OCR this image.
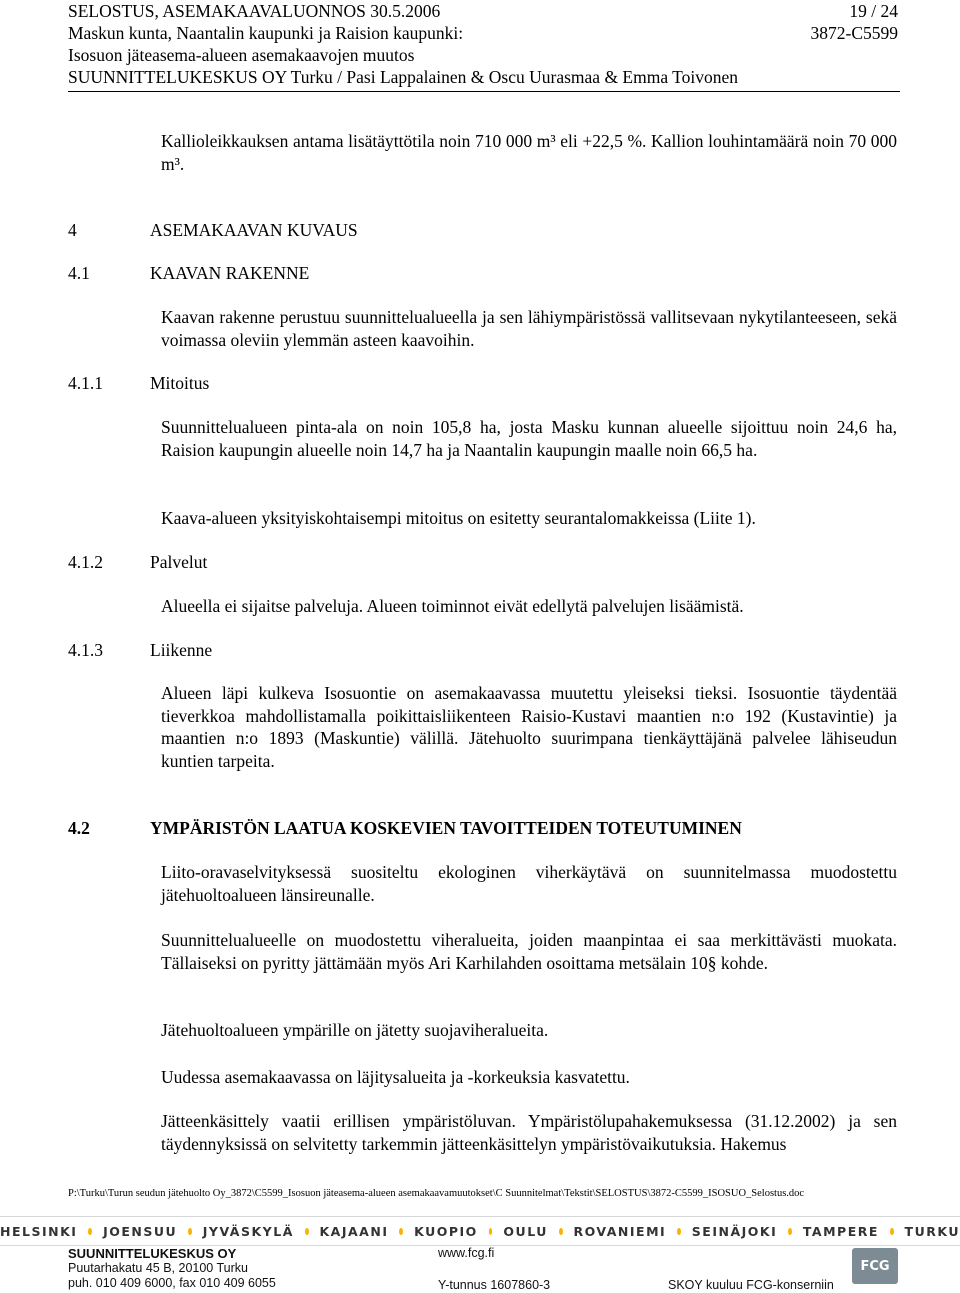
SELOSTUS, ASEMAKAAVALUONNOS 30.5.2006	19 / 24
Maskun kunta, Naantalin kaupunki ja Raision kaupunki:	3872-C5599
Isosuon jäteasema-alueen asemakaavojen muutos
SUUNNITTELUKESKUS OY Turku / Pasi Lappalainen & Oscu Uurasmaa & Emma Toivonen
Kallioleikkauksen antama lisätäyttötila noin 710 000 m³ eli +22,5 %. Kallion louhintamäärä noin 70 000 m³.
4	ASEMAKAAVAN KUVAUS
4.1	KAAVAN RAKENNE
Kaavan rakenne perustuu suunnittelualueella ja sen lähiympäristössä vallitsevaan nykytilanteeseen, sekä voimassa oleviin ylemmän asteen kaavoihin.
4.1.1	Mitoitus
Suunnittelualueen pinta-ala on noin 105,8 ha, josta Masku kunnan alueelle sijoittuu noin 24,6 ha, Raision kaupungin alueelle noin 14,7 ha ja Naantalin kaupungin maalle noin 66,5 ha.
Kaava-alueen yksityiskohtaisempi mitoitus on esitetty seurantalomakkeissa (Liite 1).
4.1.2	Palvelut
Alueella ei sijaitse palveluja. Alueen toiminnot eivät edellytä palvelujen lisäämistä.
4.1.3	Liikenne
Alueen läpi kulkeva Isosuontie on asemakaavassa muutettu yleiseksi tieksi. Isosuontie täydentää tieverkkoa mahdollistamalla poikittaisliikenteen Raisio-Kustavi maantien n:o 192 (Kustavintie) ja maantien n:o 1893 (Maskuntie) välillä. Jätehuolto suurimpana tienkäyttäjänä palvelee lähiseudun kuntien tarpeita.
4.2	YMPÄRISTÖN LAATUA KOSKEVIEN TAVOITTEIDEN TOTEUTUMINEN
Liito-oravaselvityksessä suositeltu ekologinen viherkäytävä on suunnitelmassa muodostettu jätehuoltoalueen länsireunalle.
Suunnittelualueelle on muodostettu viheralueita, joiden maanpintaa ei saa merkittävästi muokata. Tällaiseksi on pyritty jättämään myös Ari Karhilahden osoittama metsälain 10§ kohde.
Jätehuoltoalueen ympärille on jätetty suojaviheralueita.
Uudessa asemakaavassa on läjitysalueita ja -korkeuksia kasvatettu.
Jätteenkäsittely vaatii erillisen ympäristöluvan. Ympäristölupahakemuksessa (31.12.2002) ja sen täydennyksissä on selvitetty tarkemmin jätteenkäsittelyn ympäristövaikutuksia. Hakemus
P:\Turku\Turun seudun jätehuolto Oy_3872\C5599_Isosuon jäteasema-alueen asemakaavamuutokset\C Suunnitelmat\Tekstit\SELOSTUS\3872-C5599_ISOSUO_Selostus.doc
HELSINKI JOENSUU JYVÄSKYLÄ KAJAANI KUOPIO OULU ROVANIEMI SEINÄJOKI TAMPERE TURKU
SUUNNITTELUKESKUS OY
Puutarhakatu 45 B, 20100 Turku
puh. 010 409 6000, fax 010 409 6055
www.fcg.fi
Y-tunnus 1607860-3	SKOY kuuluu FCG-konserniin
FCG
